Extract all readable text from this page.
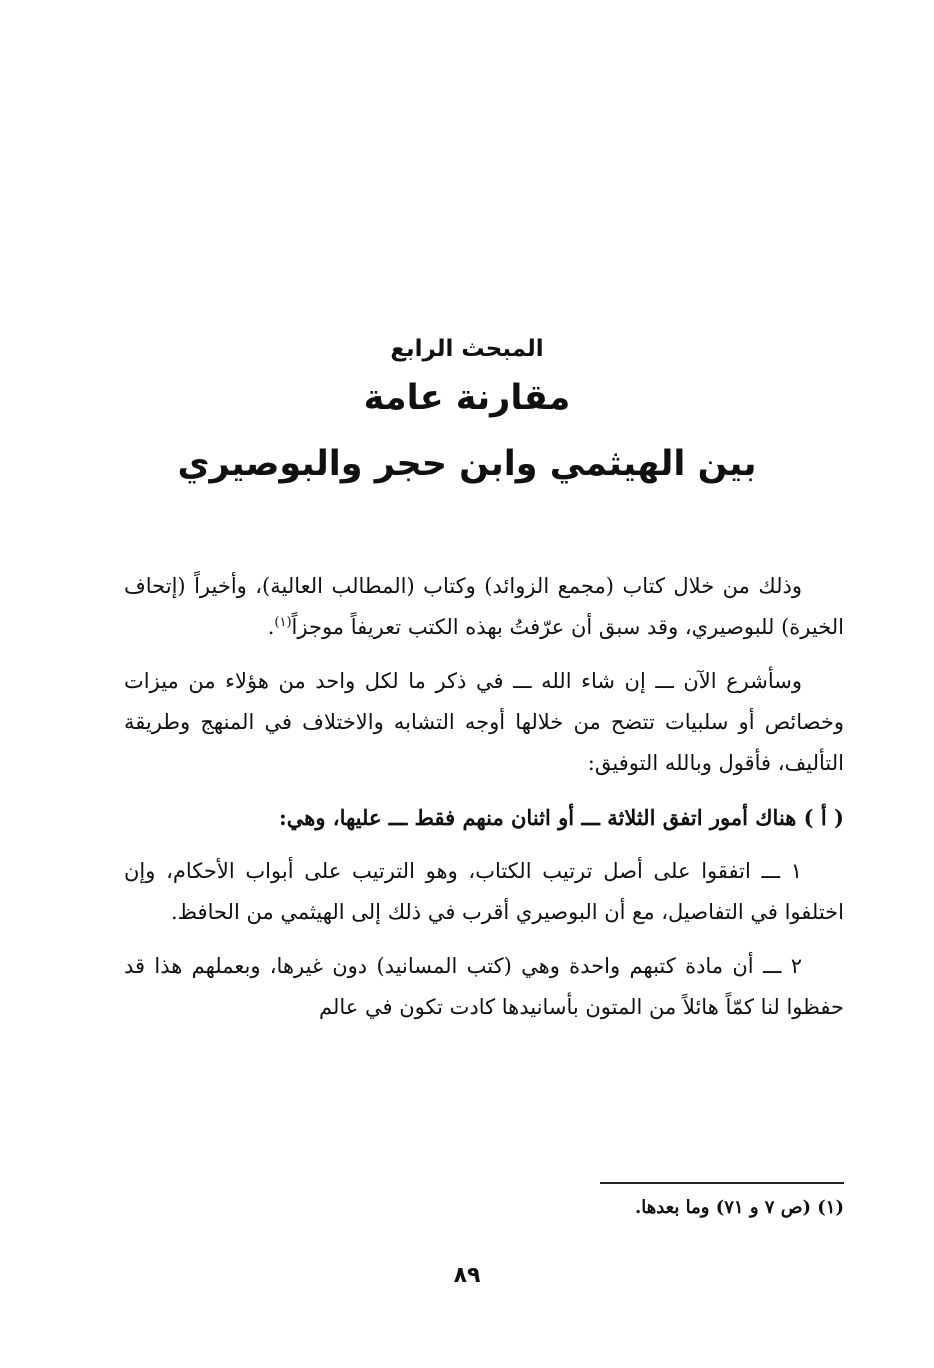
المبحث الرابع
مقارنة عامة
بين الهيثمي وابن حجر والبوصيري

وذلك من خلال كتاب (مجمع الزوائد) وكتاب (المطالب العالية)، وأخيراً (إتحاف الخيرة) للبوصيري، وقد سبق أن عرّفتُ بهذه الكتب تعريفاً موجزاً$^{(١)}$.

وسأشرع الآن ـــ إن شاء الله ـــ في ذكر ما لكل واحد من هؤلاء من ميزات وخصائص أو سلبيات تتضح من خلالها أوجه التشابه والاختلاف في المنهج وطريقة التأليف، فأقول وبالله التوفيق:

( أ ) هناك أمور اتفق الثلاثة ـــ أو اثنان منهم فقط ـــ عليها، وهي:

١ ـــ اتفقوا على أصل ترتيب الكتاب، وهو الترتيب على أبواب الأحكام، وإن اختلفوا في التفاصيل، مع أن البوصيري أقرب في ذلك إلى الهيثمي من الحافظ.

٢ ـــ أن مادة كتبهم واحدة وهي (كتب المسانيد) دون غيرها، وبعملهم هذا قد حفظوا لنا كمّاً هائلاً من المتون بأسانيدها كادت تكون في عالم

(١) (ص ٧ و ٧١) وما بعدها.
٨٩
